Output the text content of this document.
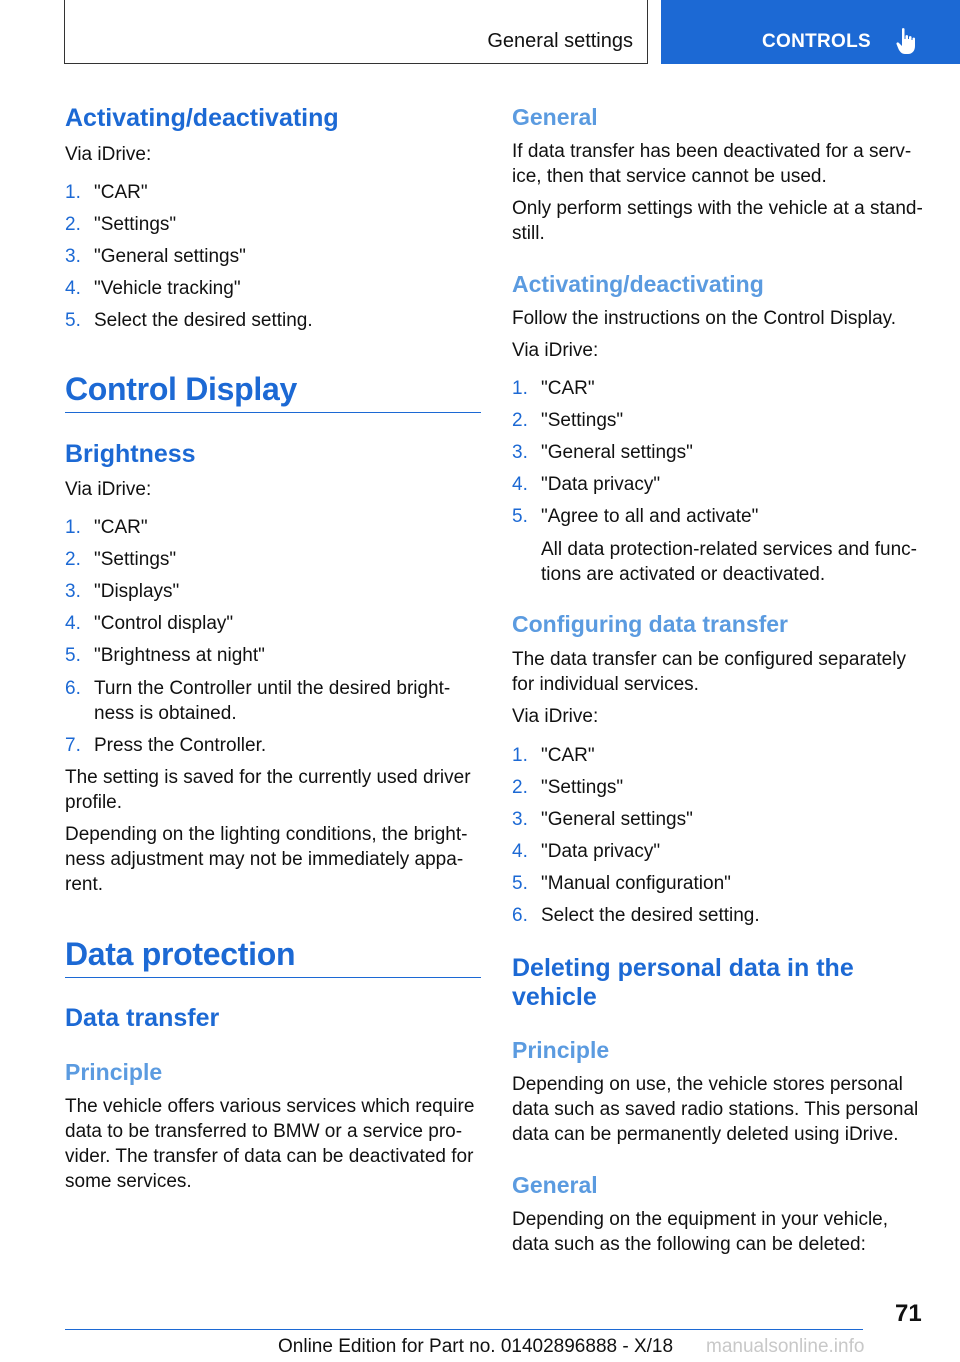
General settings	CONTROLS
Activating/deactivating
Via iDrive:
1. "CAR"
2. "Settings"
3. "General settings"
4. "Vehicle tracking"
5. Select the desired setting.
Control Display
Brightness
Via iDrive:
1. "CAR"
2. "Settings"
3. "Displays"
4. "Control display"
5. "Brightness at night"
6. Turn the Controller until the desired bright‐
ness is obtained.
7. Press the Controller.
The setting is saved for the currently used driver
profile.
Depending on the lighting conditions, the bright‐
ness adjustment may not be immediately appa‐
rent.
Data protection
Data transfer
Principle
The vehicle offers various services which require
data to be transferred to BMW or a service pro‐
vider. The transfer of data can be deactivated for
some services.
General
If data transfer has been deactivated for a serv‐
ice, then that service cannot be used.
Only perform settings with the vehicle at a stand‐
still.
Activating/deactivating
Follow the instructions on the Control Display.
Via iDrive:
1. "CAR"
2. "Settings"
3. "General settings"
4. "Data privacy"
5. "Agree to all and activate"
All data protection-related services and func‐
tions are activated or deactivated.
Configuring data transfer
The data transfer can be configured separately
for individual services.
Via iDrive:
1. "CAR"
2. "Settings"
3. "General settings"
4. "Data privacy"
5. "Manual configuration"
6. Select the desired setting.
Deleting personal data in the
vehicle
Principle
Depending on use, the vehicle stores personal
data such as saved radio stations. This personal
data can be permanently deleted using iDrive.
General
Depending on the equipment in your vehicle,
data such as the following can be deleted:
71
Online Edition for Part no. 01402896888 - X/18 manualsonline.info
